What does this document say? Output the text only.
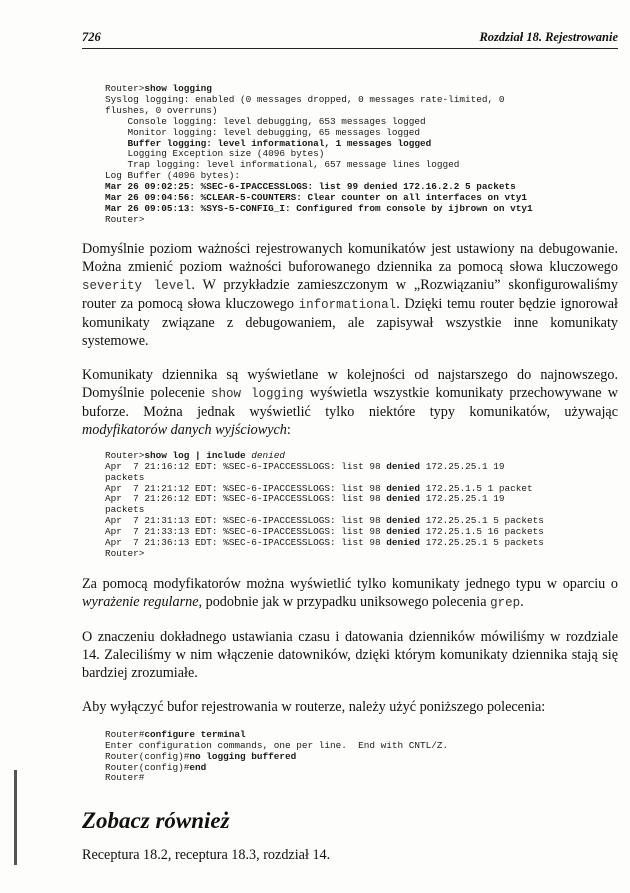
726	Rozdział 18. Rejestrowanie
Router>show logging
Syslog logging: enabled (0 messages dropped, 0 messages rate-limited, 0
flushes, 0 overruns)
Console logging: level debugging, 653 messages logged
Monitor logging: level debugging, 65 messages logged
Buffer logging: level informational, 1 messages logged
Logging Exception size (4096 bytes)
Trap logging: level informational, 657 message lines logged
Log Buffer (4096 bytes):
Mar 26 09:02:25: %SEC-6-IPACCESSLOGS: list 99 denied 172.16.2.2 5 packets
Mar 26 09:04:56: %CLEAR-5-COUNTERS: Clear counter on all interfaces on vty1
Mar 26 09:05:13: %SYS-5-CONFIG_I: Configured from console by ijbrown on vty1
Router>

Domyślnie poziom ważności rejestrowanych komunikatów jest ustawiony na debugowanie. Można zmienić poziom ważności buforowanego dziennika za pomocą słowa kluczowego severity level. W przykładzie zamieszczonym w „Rozwiązaniu” skonfigurowaliśmy router za pomocą słowa kluczowego informational. Dzięki temu router będzie ignorował komunikaty związane z debugowaniem, ale zapisywał wszystkie inne komunikaty systemowe.

Komunikaty dziennika są wyświetlane w kolejności od najstarszego do najnowszego. Domyślnie polecenie show logging wyświetla wszystkie komunikaty przechowywane w buforze. Można jednak wyświetlić tylko niektóre typy komunikatów, używając modyfikatorów danych wyjściowych:

Router>show log | include denied
Apr  7 21:16:12 EDT: %SEC-6-IPACCESSLOGS: list 98 denied 172.25.25.1 19
packets
Apr  7 21:21:12 EDT: %SEC-6-IPACCESSLOGS: list 98 denied 172.25.1.5 1 packet
Apr  7 21:26:12 EDT: %SEC-6-IPACCESSLOGS: list 98 denied 172.25.25.1 19
packets
Apr  7 21:31:13 EDT: %SEC-6-IPACCESSLOGS: list 98 denied 172.25.25.1 5 packets
Apr  7 21:33:13 EDT: %SEC-6-IPACCESSLOGS: list 98 denied 172.25.1.5 16 packets
Apr  7 21:36:13 EDT: %SEC-6-IPACCESSLOGS: list 98 denied 172.25.25.1 5 packets
Router>

Za pomocą modyfikatorów można wyświetlić tylko komunikaty jednego typu w oparciu o wyrażenie regularne, podobnie jak w przypadku uniksowego polecenia grep.

O znaczeniu dokładnego ustawiania czasu i datowania dzienników mówiliśmy w rozdziale 14. Zaleciliśmy w nim włączenie datowników, dzięki którym komunikaty dziennika stają się bardziej zrozumiałe.

Aby wyłączyć bufor rejestrowania w routerze, należy użyć poniższego polecenia:

Router#configure terminal
Enter configuration commands, one per line.  End with CNTL/Z.
Router(config)#no logging buffered
Router(config)#end
Router#
Zobacz również

Receptura 18.2, receptura 18.3, rozdział 14.
